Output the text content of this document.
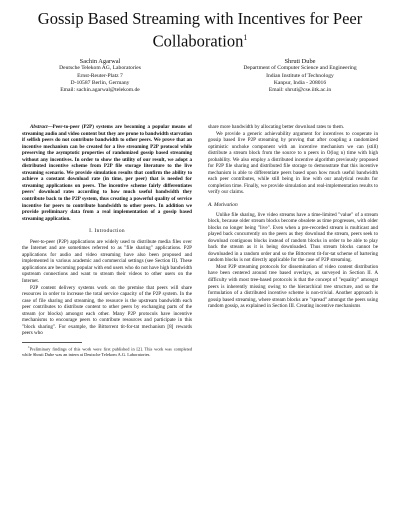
Gossip Based Streaming with Incentives for Peer Collaboration$^1$
Sachin Agarwal
Deutsche Telekom AG, Laboratories
Ernst-Reuter-Platz 7
D-10587 Berlin, Germany
Email: sachin.agarwal@telekom.de
Shruti Dube
Department of Computer Science and Engineering
Indian Institute of Technology
Kanpur, India - 208016
Email: shruti@cse.iitk.ac.in

Abstract—Peer-to-peer (P2P) systems are becoming a popular means of streaming audio and video content but they are prone to bandwidth starvation if selfish peers do not contribute bandwidth to other peers. We prove that an incentive mechanism can be created for a live streaming P2P protocol while preserving the asymptotic properties of randomized gossip based streaming without any incentives. In order to show the utility of our result, we adopt a distributed incentive scheme from P2P file storage literature to the live streaming scenario. We provide simulation results that confirm the ability to achieve a constant download rate (in time, per peer) that is needed for streaming applications on peers. The incentive scheme fairly differentiates peers' download rates according to how much useful bandwidth they contribute back to the P2P system, thus creating a powerful quality of service incentive for peers to contribute bandwidth to other peers. In addition we provide preliminary data from a real implementation of a gossip based streaming application.

I. Introduction

Peer-to-peer (P2P) applications are widely used to distribute media files over the Internet and are sometimes referred to as "file sharing" applications. P2P applications for audio and video streaming have also been proposed and implemented in various academic and commercial settings (see Section II). These applications are becoming popular with end users who do not have high bandwidth upstream connections and want to stream their videos to other users on the Internet.

P2P content delivery systems work on the premise that peers will share resources in order to increase the total service capacity of the P2P system. In the case of file sharing and streaming, the resource is the upstream bandwidth each peer contributes to distribute content to other peers by exchanging parts of the stream (or blocks) amongst each other. Many P2P protocols have incentive mechanisms to encourage peers to contribute resources and participate in this "block sharing". For example, the Bittorrent tit-for-tat mechanism [8] rewards peers who

$^1$Preliminary findings of this work were first published in [2]. This work was completed while Shruti Dube was an intern at Deutsche Telekom A.G. Laboratories.

share more bandwidth by allocating better download rates to them.

We provide a generic achievability argument for incentives to cooperate in gossip based live P2P streaming by proving that after coupling a randomized optimistic unchoke component with an incentive mechanism we can (still) distribute a stream block from the source to n peers in O(log n) time with high probability. We also employ a distributed incentive algorithm previously proposed for P2P file sharing and distributed file storage to demonstrate that this incentive mechanism is able to differentiate peers based upon how much useful bandwidth each peer contributes, while still being in line with our analytical results for completion time. Finally, we provide simulation and real-implementation results to verify our claims.

A. Motivation

Unlike file sharing, live video streams have a time-limited "value" of a stream block, because older stream blocks become obsolete as time progresses, with older blocks no longer being "live". Even when a pre-recorded stream is multicast and played back concurrently on the peers as they download the stream, peers seek to download contiguous blocks instead of random blocks in order to be able to play back the stream as it is being downloaded. Thus stream blocks cannot be downloaded in a random order and so the Bittorrent tit-for-tat scheme of bartering random blocks is not directly applicable for the case of P2P streaming.

Most P2P streaming protocols for dissemination of video content distribution have been centered around tree based overlays, as surveyed in Section II. A difficulty with most tree-based protocols is that the concept of "equality" amongst peers is inherently missing owing to the hierarchical tree structure, and so the formulation of a distributed incentive scheme is non-trivial. Another approach is gossip based streaming, where stream blocks are "spread" amongst the peers using random gossip, as explained in Section III. Creating incentive mechanisms
